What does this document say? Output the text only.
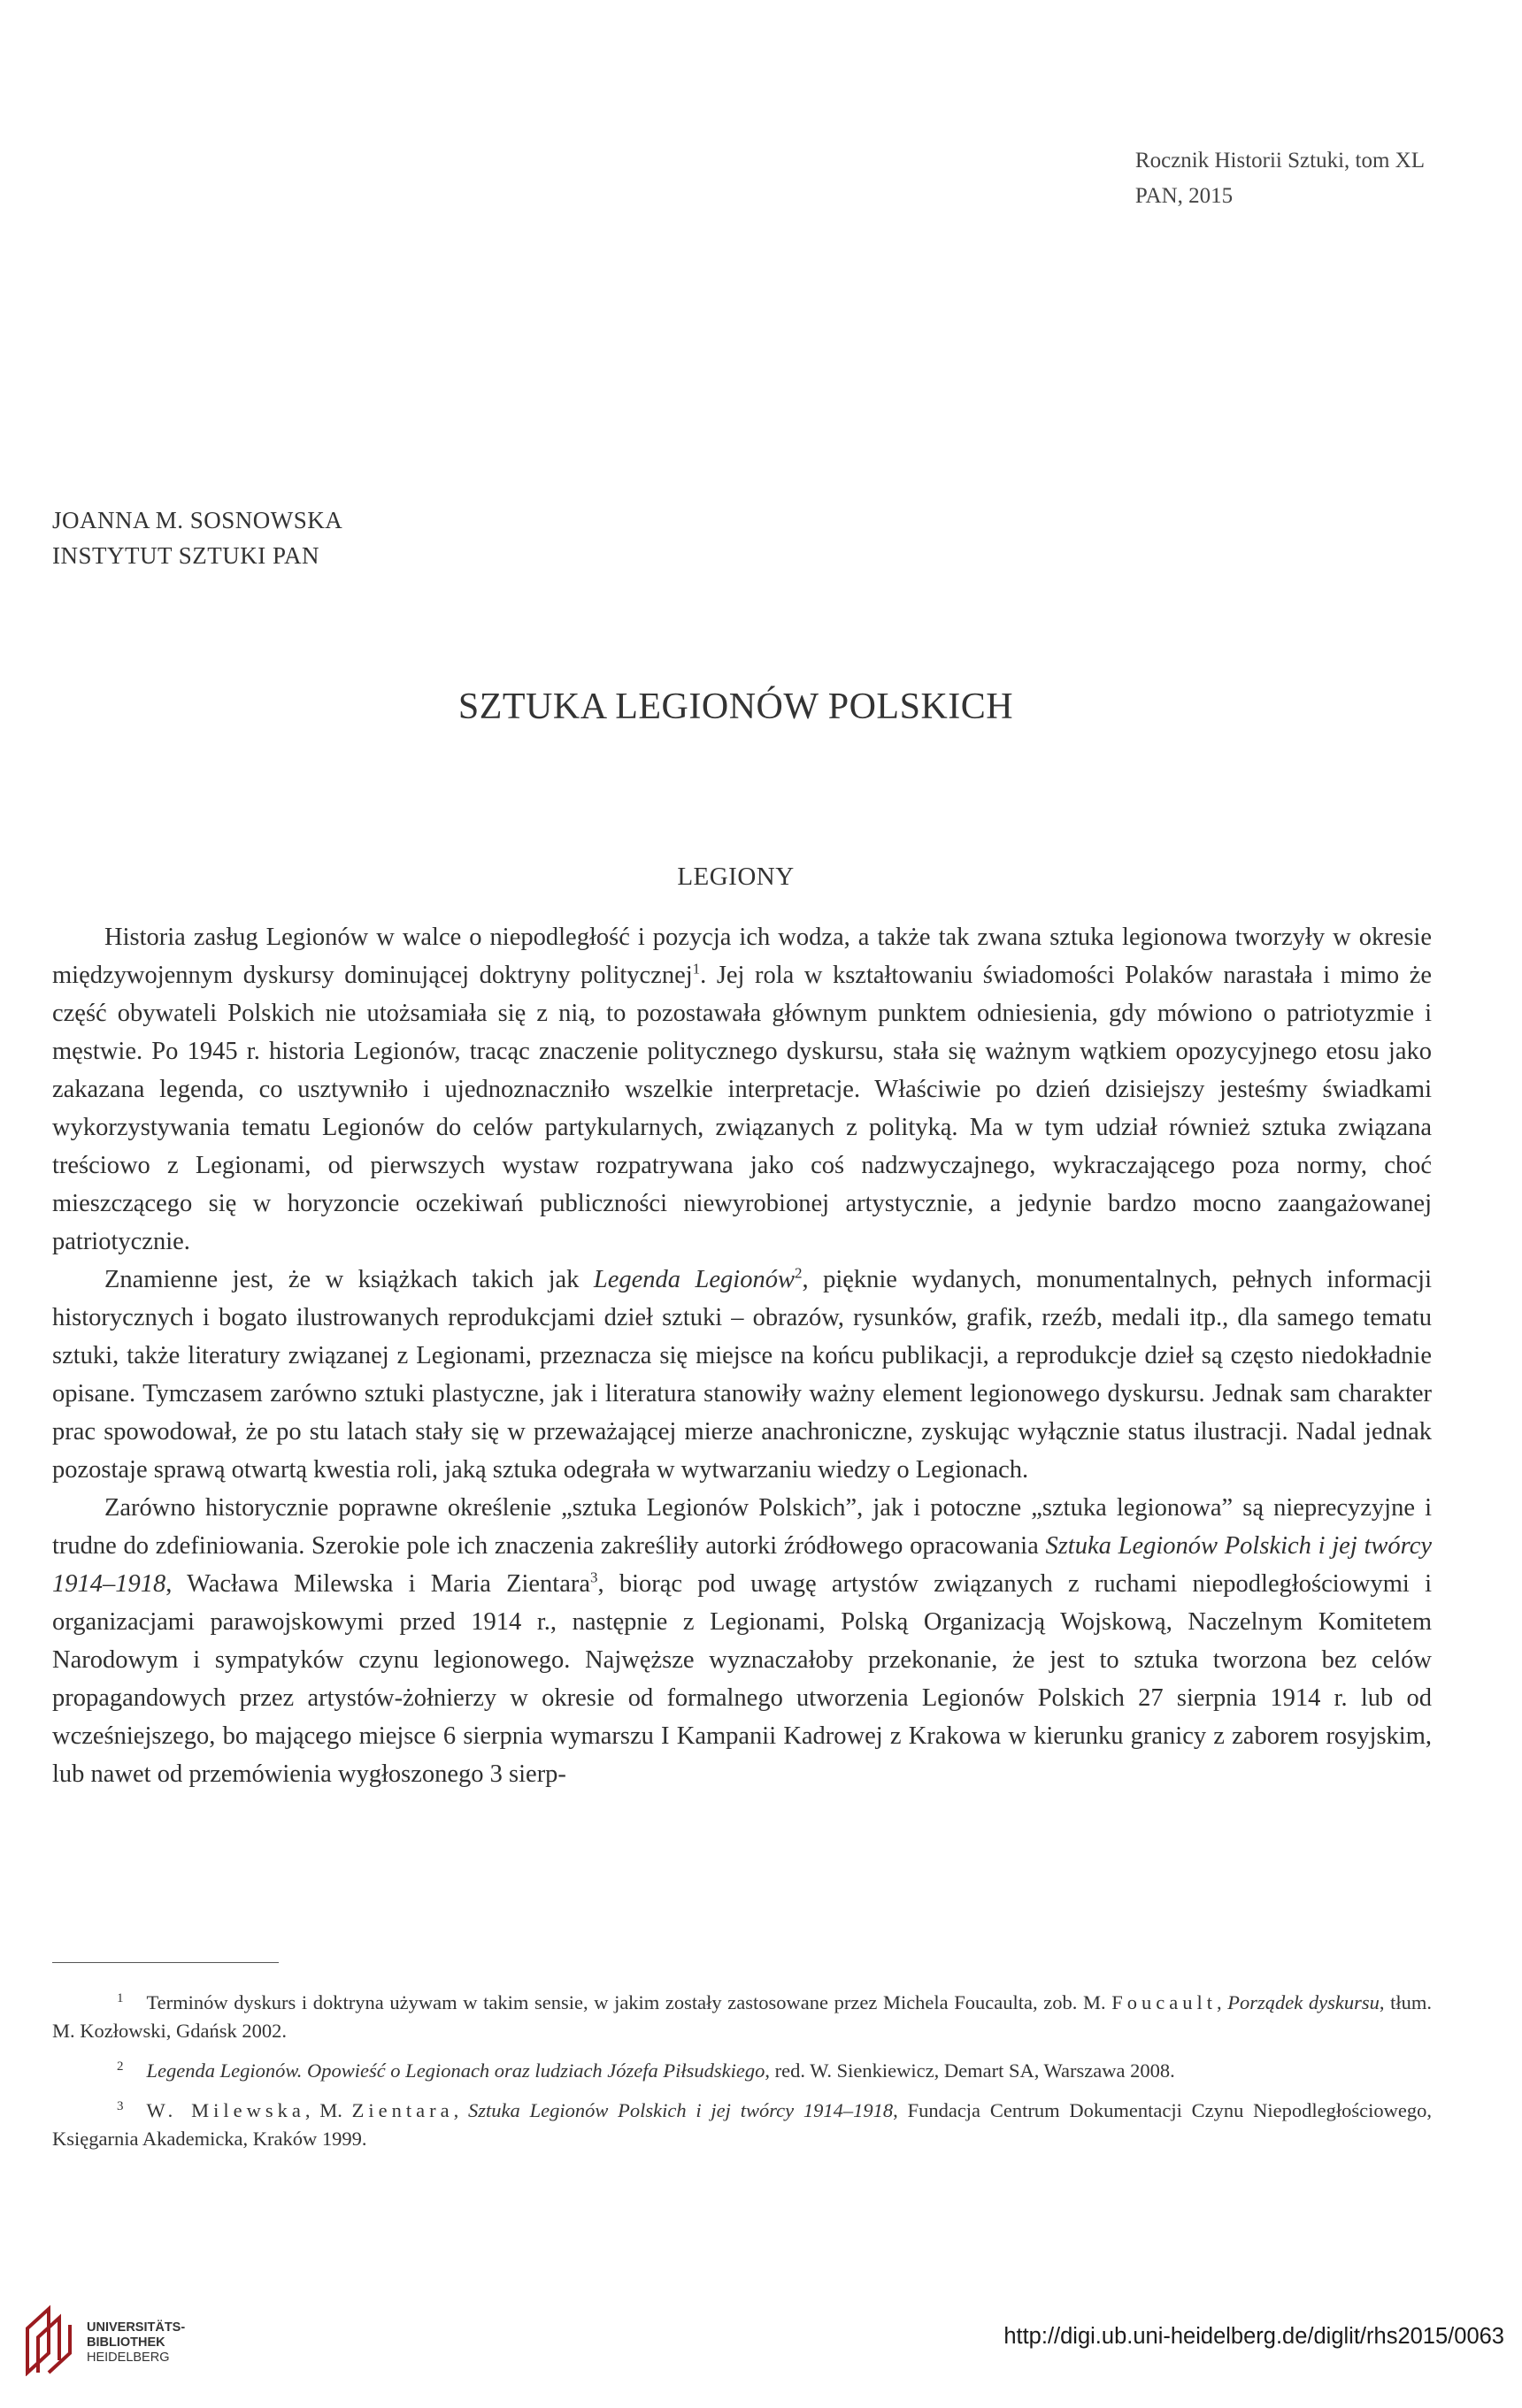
Rocznik Historii Sztuki, tom XL
PAN, 2015
JOANNA M. SOSNOWSKA
INSTYTUT SZTUKI PAN
SZTUKA LEGIONÓW POLSKICH
LEGIONY

Historia zasług Legionów w walce o niepodległość i pozycja ich wodza, a także tak zwana sztuka legionowa tworzyły w okresie międzywojennym dyskursy dominującej doktryny politycznej$^1$. Jej rola w kształtowaniu świadomości Polaków narastała i mimo że część obywateli Polskich nie utożsamiała się z nią, to pozostawała głównym punktem odniesienia, gdy mówiono o patriotyzmie i męstwie. Po 1945 r. historia Legionów, tracąc znaczenie politycznego dyskursu, stała się ważnym wątkiem opozycyjnego etosu jako zakazana legenda, co usztywniło i ujednoznaczniło wszelkie interpretacje. Właściwie po dzień dzisiejszy jesteśmy świadkami wykorzystywania tematu Legionów do celów partykularnych, związanych z polityką. Ma w tym udział również sztuka związana treściowo z Legionami, od pierwszych wystaw rozpatrywana jako coś nadzwyczajnego, wykraczającego poza normy, choć mieszczącego się w horyzoncie oczekiwań publiczności niewyrobionej artystycznie, a jedynie bardzo mocno zaangażowanej patriotycznie.

Znamienne jest, że w książkach takich jak Legenda Legionów$^2$, pięknie wydanych, monumentalnych, pełnych informacji historycznych i bogato ilustrowanych reprodukcjami dzieł sztuki – obrazów, rysunków, grafik, rzeźb, medali itp., dla samego tematu sztuki, także literatury związanej z Legionami, przeznacza się miejsce na końcu publikacji, a reprodukcje dzieł są często niedokładnie opisane. Tymczasem zarówno sztuki plastyczne, jak i literatura stanowiły ważny element legionowego dyskursu. Jednak sam charakter prac spowodował, że po stu latach stały się w przeważającej mierze anachroniczne, zyskując wyłącznie status ilustracji. Nadal jednak pozostaje sprawą otwartą kwestia roli, jaką sztuka odegrała w wytwarzaniu wiedzy o Legionach.

Zarówno historycznie poprawne określenie „sztuka Legionów Polskich”, jak i potoczne „sztuka legionowa” są nieprecyzyjne i trudne do zdefiniowania. Szerokie pole ich znaczenia zakreśliły autorki źródłowego opracowania Sztuka Legionów Polskich i jej twórcy 1914–1918, Wacława Milewska i Maria Zientara$^3$, biorąc pod uwagę artystów związanych z ruchami niepodległościowymi i organizacjami parawojskowymi przed 1914 r., następnie z Legionami, Polską Organizacją Wojskową, Naczelnym Komitetem Narodowym i sympatyków czynu legionowego. Najwęższe wyznaczałoby przekonanie, że jest to sztuka tworzona bez celów propagandowych przez artystów-żołnierzy w okresie od formalnego utworzenia Legionów Polskich 27 sierpnia 1914 r. lub od wcześniejszego, bo mającego miejsce 6 sierpnia wymarszu I Kampanii Kadrowej z Krakowa w kierunku granicy z zaborem rosyjskim, lub nawet od przemówienia wygłoszonego 3 sierp-

$^1$ Terminów dyskurs i doktryna używam w takim sensie, w jakim zostały zastosowane przez Michela Foucaulta, zob. M. Foucault, Porządek dyskursu, tłum. M. Kozłowski, Gdańsk 2002.

$^2$ Legenda Legionów. Opowieść o Legionach oraz ludziach Józefa Piłsudskiego, red. W. Sienkiewicz, Demart SA, Warszawa 2008.

$^3$ W. Milewska, M. Zientara, Sztuka Legionów Polskich i jej twórcy 1914–1918, Fundacja Centrum Dokumentacji Czynu Niepodległościowego, Księgarnia Akademicka, Kraków 1999.

UNIVERSITÄTS-
BIBLIOTHEK
HEIDELBERG
http://digi.ub.uni-heidelberg.de/diglit/rhs2015/0063
